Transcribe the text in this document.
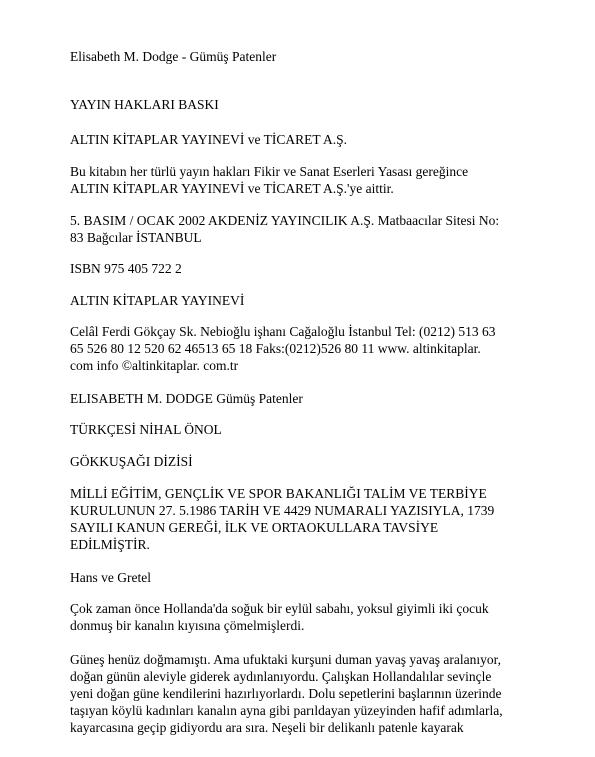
Elisabeth M. Dodge - Gümüş Patenler

YAYIN HAKLARI BASKI

ALTIN KİTAPLAR YAYINEVİ ve TİCARET A.Ş.

Bu kitabın her türlü yayın hakları Fikir ve Sanat Eserleri Yasası gereğince

ALTIN KİTAPLAR YAYINEVİ ve TİCARET A.Ş.'ye aittir.

5. BASIM / OCAK 2002 AKDENİZ YAYINCILIK A.Ş. Matbaacılar Sitesi No:

83 Bağcılar İSTANBUL

ISBN 975 405 722 2

ALTIN KİTAPLAR YAYINEVİ

Celâl Ferdi Gökçay Sk. Nebioğlu işhanı Cağaloğlu İstanbul Tel: (0212) 513 63

65 526 80 12 520 62 46513 65 18 Faks:(0212)526 80 11 www. altinkitaplar.

com info ©altinkitaplar. com.tr

ELISABETH M. DODGE Gümüş Patenler

TÜRKÇESİ NİHAL ÖNOL

GÖKKUŞAĞI DİZİSİ

MİLLİ EĞİTİM, GENÇLİK VE SPOR BAKANLIĞI TALİM VE TERBİYE

KURULUNUN 27. 5.1986 TARİH VE 4429 NUMARALI YAZISIYLA, 1739

SAYILI KANUN GEREĞİ, İLK VE ORTAOKULLARA TAVSİYE

EDİLMİŞTİR.

Hans ve Gretel

Çok zaman önce Hollanda'da soğuk bir eylül sabahı, yoksul giyimli iki çocuk

donmuş bir kanalın kıyısına çömelmişlerdi.

Güneş henüz doğmamıştı. Ama ufuktaki kurşuni duman yavaş yavaş aralanıyor,

doğan günün aleviyle giderek aydınlanıyordu. Çalışkan Hollandalılar sevinçle

yeni doğan güne kendilerini hazırlıyorlardı. Dolu sepetlerini başlarının üzerinde

taşıyan köylü kadınları kanalın ayna gibi parıldayan yüzeyinden hafif adımlarla,

kayarcasına geçip gidiyordu ara sıra. Neşeli bir delikanlı patenle kayarak
